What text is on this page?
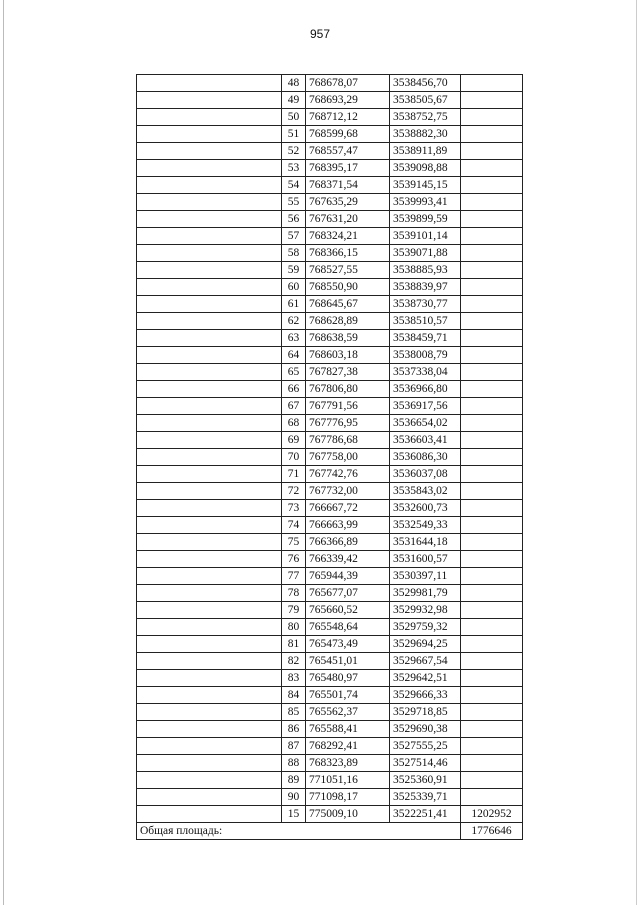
957
	48	768678,07	3538456,70	
	49	768693,29	3538505,67	
	50	768712,12	3538752,75	
	51	768599,68	3538882,30	
	52	768557,47	3538911,89	
	53	768395,17	3539098,88	
	54	768371,54	3539145,15	
	55	767635,29	3539993,41	
	56	767631,20	3539899,59	
	57	768324,21	3539101,14	
	58	768366,15	3539071,88	
	59	768527,55	3538885,93	
	60	768550,90	3538839,97	
	61	768645,67	3538730,77	
	62	768628,89	3538510,57	
	63	768638,59	3538459,71	
	64	768603,18	3538008,79	
	65	767827,38	3537338,04	
	66	767806,80	3536966,80	
	67	767791,56	3536917,56	
	68	767776,95	3536654,02	
	69	767786,68	3536603,41	
	70	767758,00	3536086,30	
	71	767742,76	3536037,08	
	72	767732,00	3535843,02	
	73	766667,72	3532600,73	
	74	766663,99	3532549,33	
	75	766366,89	3531644,18	
	76	766339,42	3531600,57	
	77	765944,39	3530397,11	
	78	765677,07	3529981,79	
	79	765660,52	3529932,98	
	80	765548,64	3529759,32	
	81	765473,49	3529694,25	
	82	765451,01	3529667,54	
	83	765480,97	3529642,51	
	84	765501,74	3529666,33	
	85	765562,37	3529718,85	
	86	765588,41	3529690,38	
	87	768292,41	3527555,25	
	88	768323,89	3527514,46	
	89	771051,16	3525360,91	
	90	771098,17	3525339,71	
	15	775009,10	3522251,41	1202952
Общая площадь:				1776646
